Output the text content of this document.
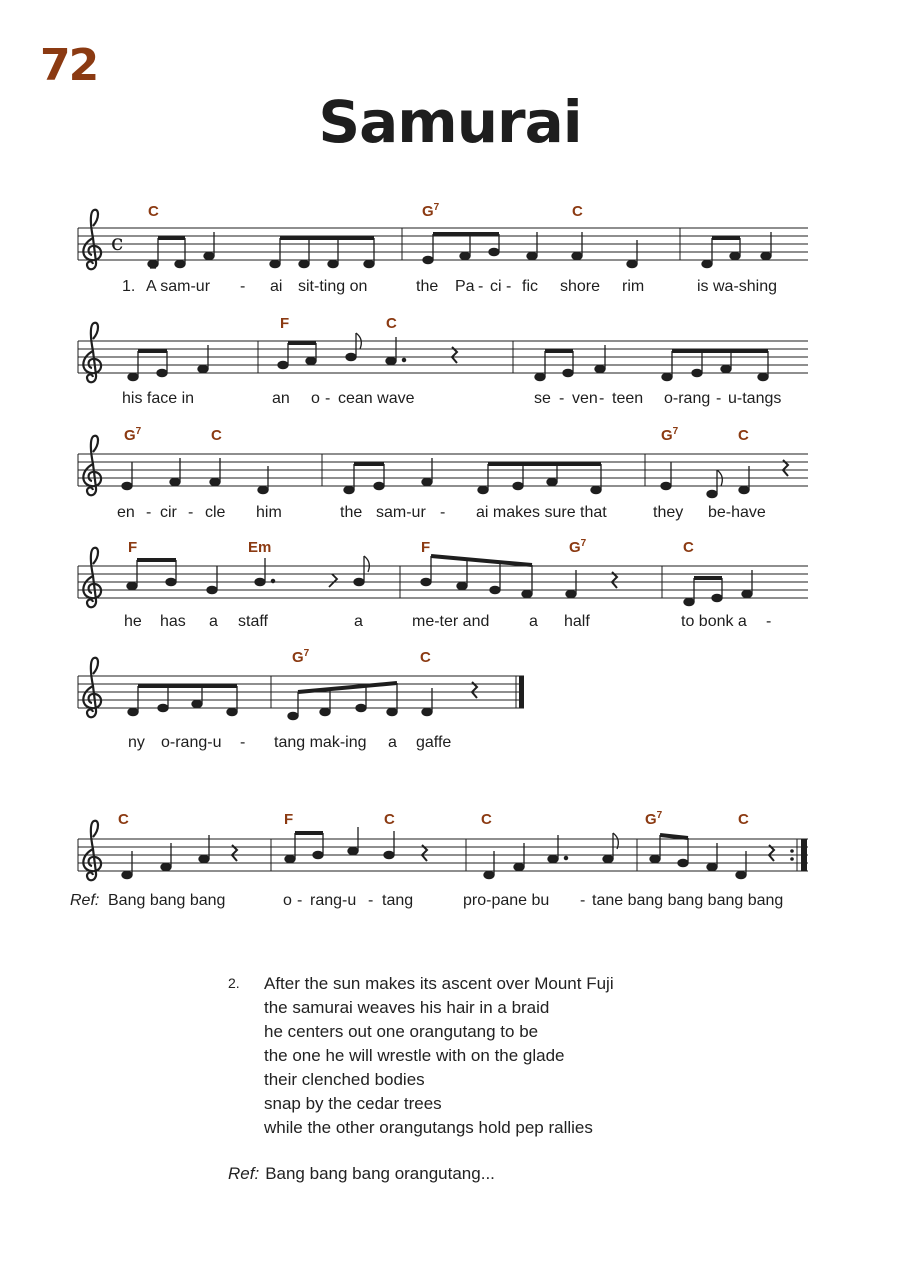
72
Samurai
c
C	$G^7$	C
1. A sam-ur - ai sit-ting on	the Pa - ci - fic shore rim	is wa-shing
F	C
his face in	an o - cean wave	se - ven - teen o-rang - u-tangs
$G^7$	C	$G^7$	C
en - cir - cle him	the sam-ur - ai makes sure that	they be-have
F	Em	F	$G^7$	C
he has a staff	a	me-ter and a half	to bonk a -
$G^7$	C
ny o-rang-u - tang mak-ing a gaffe
C	F	C	C	$G^7$	C
Ref: Bang bang bang	o - rang-u - tang	pro-pane bu - tane bang bang bang bang
2.	After the sun makes its ascent over Mount Fuji
the samurai weaves his hair in a braid
he centers out one orangutang to be
the one he will wrestle with on the glade
their clenched bodies
snap by the cedar trees
while the other orangutangs hold pep rallies
Ref: Bang bang bang orangutang...
